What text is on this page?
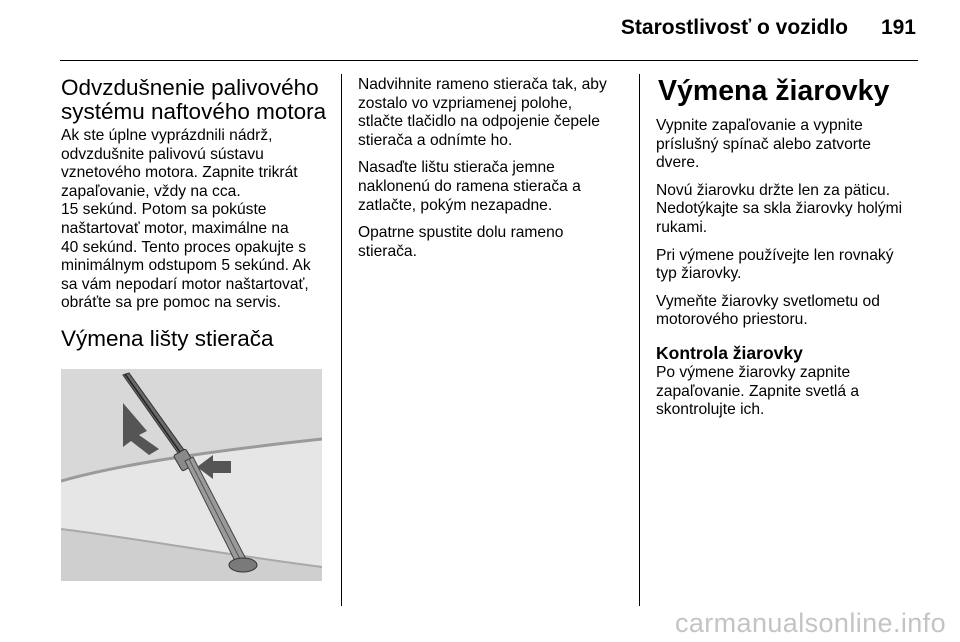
Starostlivosť o vozidlo 191
Odvzdušnenie palivového
systému naftového motora

Ak ste úplne vyprázdnili nádrž,
odvzdušnite palivovú sústavu
vznetového motora. Zapnite trikrát
zapaľovanie, vždy na cca.
15 sekúnd. Potom sa pokúste
naštartovať motor, maximálne na
40 sekúnd. Tento proces opakujte s
minimálnym odstupom 5 sekúnd. Ak
sa vám nepodarí motor naštartovať,
obráťte sa pre pomoc na servis.

Výmena lišty stierača

Nadvihnite rameno stierača tak, aby
zostalo vo vzpriamenej polohe,
stlačte tlačidlo na odpojenie čepele
stierača a odnímte ho.

Nasaďte lištu stierača jemne
naklonenú do ramena stierača a
zatlačte, pokým nezapadne.

Opatrne spustite dolu rameno
stierača.

Výmena žiarovky

Vypnite zapaľovanie a vypnite
príslušný spínač alebo zatvorte
dvere.

Novú žiarovku držte len za päticu.
Nedotýkajte sa skla žiarovky holými
rukami.

Pri výmene používejte len rovnaký
typ žiarovky.

Vymeňte žiarovky svetlometu od
motorového priestoru.

Kontrola žiarovky

Po výmene žiarovky zapnite
zapaľovanie. Zapnite svetlá a
skontrolujte ich.

carmanualsonline.info
